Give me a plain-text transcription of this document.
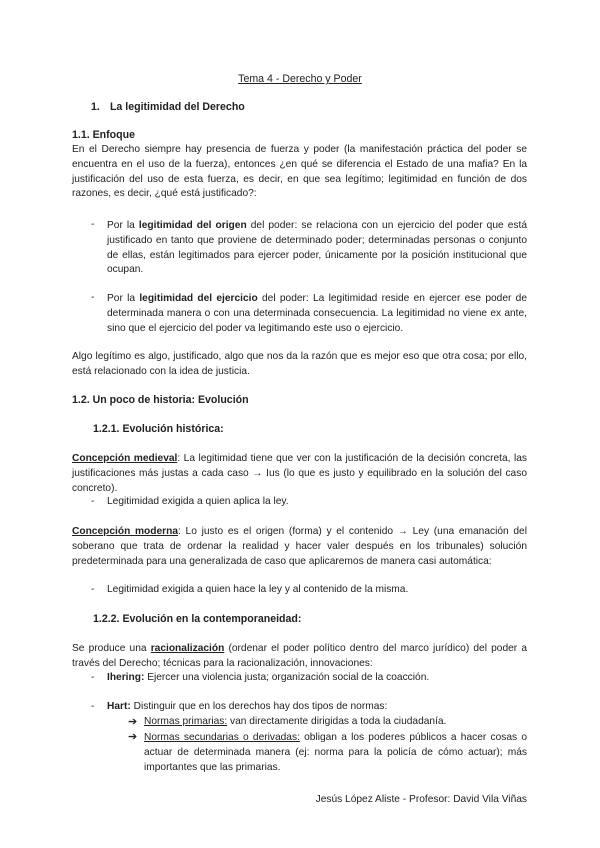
Tema 4 - Derecho y Poder
1. La legitimidad del Derecho
1.1. Enfoque

En el Derecho siempre hay presencia de fuerza y poder (la manifestación práctica del poder se encuentra en el uso de la fuerza), entonces ¿en qué se diferencia el Estado de una mafia? En la justificación del uso de esta fuerza, es decir, en que sea legítimo; legitimidad en función de dos razones, es decir, ¿qué está justificado?:

- Por la legitimidad del origen del poder: se relaciona con un ejercicio del poder que está justificado en tanto que proviene de determinado poder; determinadas personas o conjunto de ellas, están legitimados para ejercer poder, únicamente por la posición institucional que ocupan.

- Por la legitimidad del ejercicio del poder: La legitimidad reside en ejercer ese poder de determinada manera o con una determinada consecuencia. La legitimidad no viene ex ante, sino que el ejercicio del poder va legitimando este uso o ejercicio.

Algo legítimo es algo, justificado, algo que nos da la razón que es mejor eso que otra cosa; por ello, está relacionado con la idea de justicia.

1.2. Un poco de historia: Evolución
1.2.1. Evolución histórica:

Concepción medieval: La legitimidad tiene que ver con la justificación de la decisión concreta, las justificaciones más justas a cada caso → Ius (lo que es justo y equilibrado en la solución del caso concreto).

- Legitimidad exigida a quien aplica la ley.

Concepción moderna: Lo justo es el origen (forma) y el contenido → Ley (una emanación del soberano que trata de ordenar la realidad y hacer valer después en los tribunales) solución predeterminada para una generalizada de caso que aplicaremos de manera casi automática:

- Legitimidad exigida a quien hace la ley y al contenido de la misma.

1.2.2. Evolución en la contemporaneidad:

Se produce una racionalización (ordenar el poder político dentro del marco jurídico) del poder a través del Derecho; técnicas para la racionalización, innovaciones:

- Ihering: Ejercer una violencia justa; organización social de la coacción.

- Hart: Distinguir que en los derechos hay dos tipos de normas:

➔ Normas primarias: van directamente dirigidas a toda la ciudadanía.

➔ Normas secundarias o derivadas: obligan a los poderes públicos a hacer cosas o actuar de determinada manera (ej: norma para la policía de cómo actuar); más importantes que las primarias.

Jesús López Aliste - Profesor: David Vila Viñas
